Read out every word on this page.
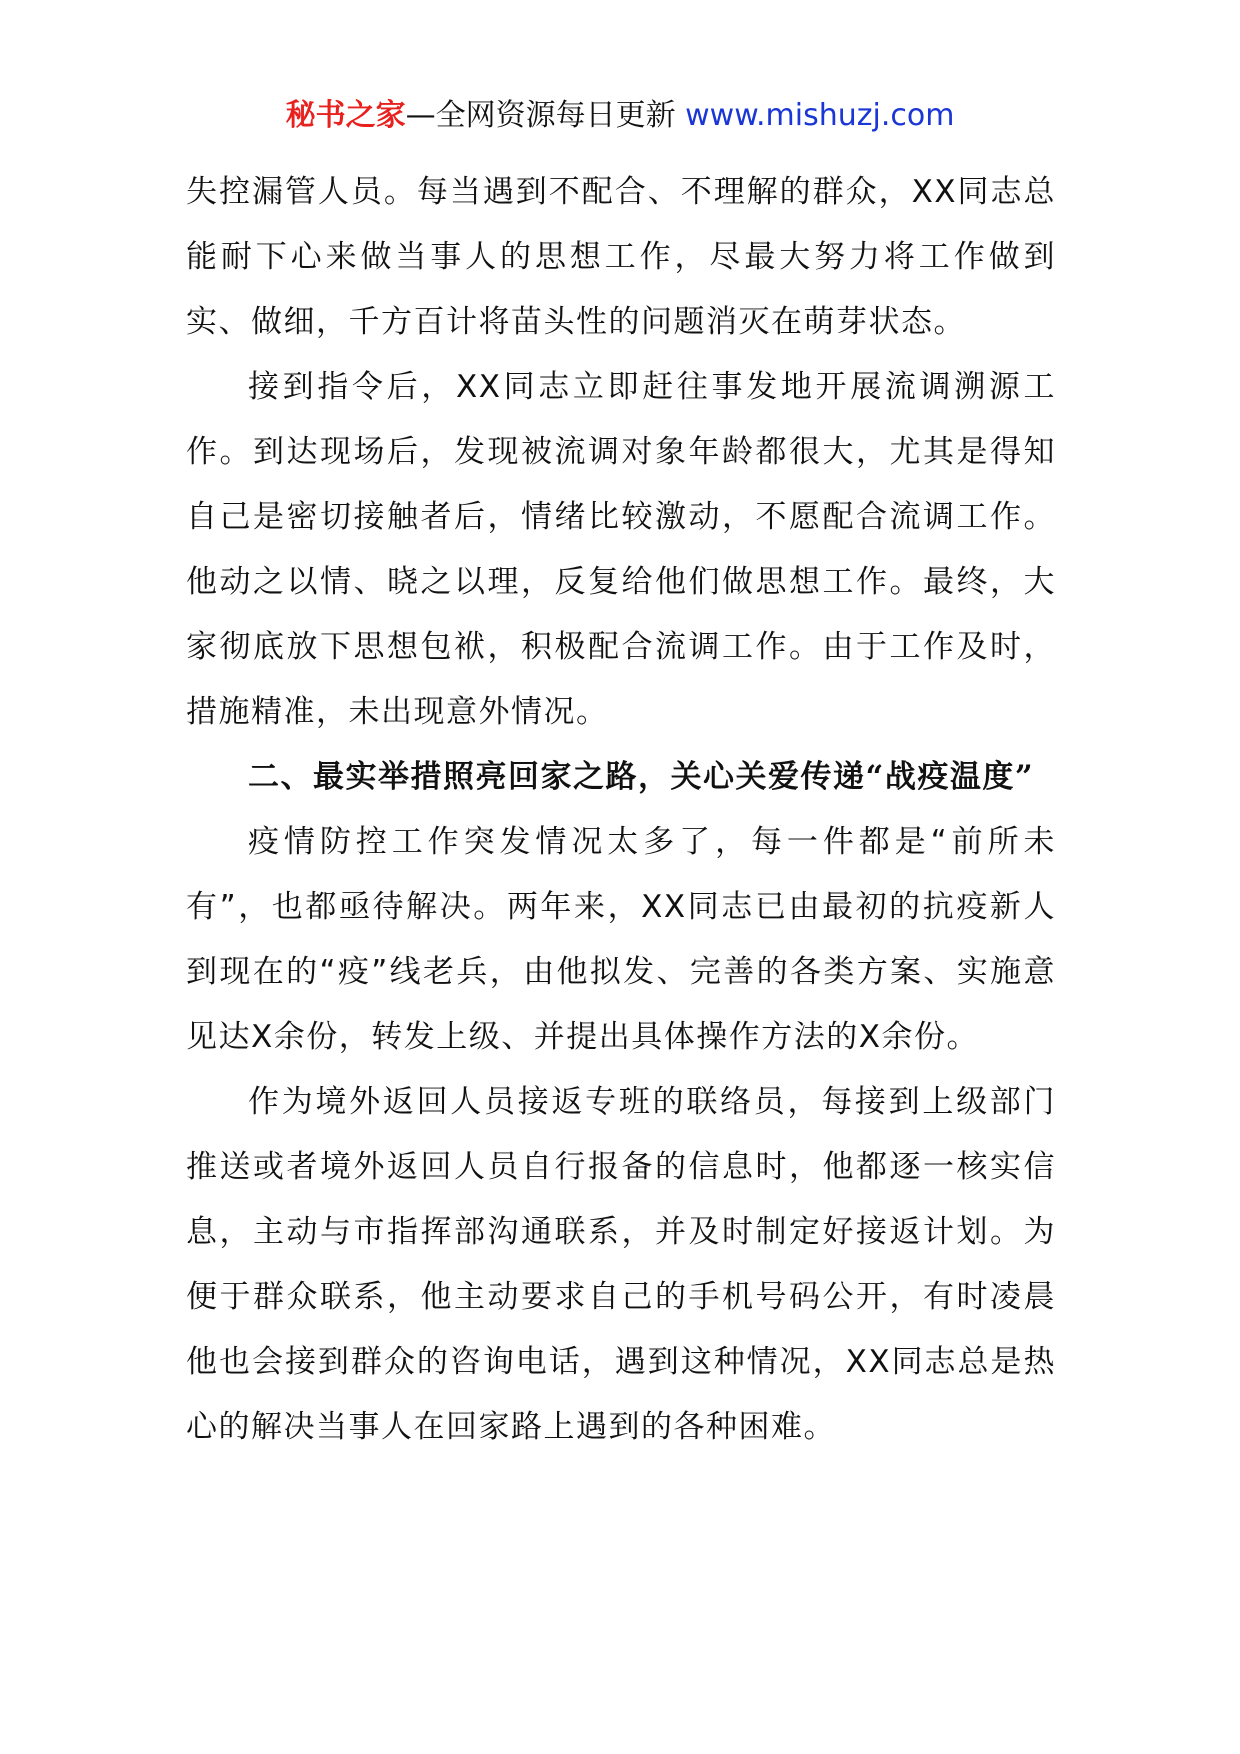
秘书之家—全网资源每日更新 www.mishuzj.com

失控漏管人员。每当遇到不配合、不理解的群众，XX同志总能耐下心来做当事人的思想工作，尽最大努力将工作做到实、做细，千方百计将苗头性的问题消灭在萌芽状态。

接到指令后，XX同志立即赶往事发地开展流调溯源工作。到达现场后，发现被流调对象年龄都很大，尤其是得知自己是密切接触者后，情绪比较激动，不愿配合流调工作。他动之以情、晓之以理，反复给他们做思想工作。最终，大家彻底放下思想包袱，积极配合流调工作。由于工作及时，措施精准，未出现意外情况。

二、最实举措照亮回家之路，关心关爱传递“战疫温度”

疫情防控工作突发情况太多了，每一件都是“前所未有”，也都亟待解决。两年来，XX同志已由最初的抗疫新人到现在的“疫”线老兵，由他拟发、完善的各类方案、实施意见达X余份，转发上级、并提出具体操作方法的X余份。

作为境外返回人员接返专班的联络员，每接到上级部门推送或者境外返回人员自行报备的信息时，他都逐一核实信息，主动与市指挥部沟通联系，并及时制定好接返计划。为便于群众联系，他主动要求自己的手机号码公开，有时凌晨他也会接到群众的咨询电话，遇到这种情况，XX同志总是热心的解决当事人在回家路上遇到的各种困难。
